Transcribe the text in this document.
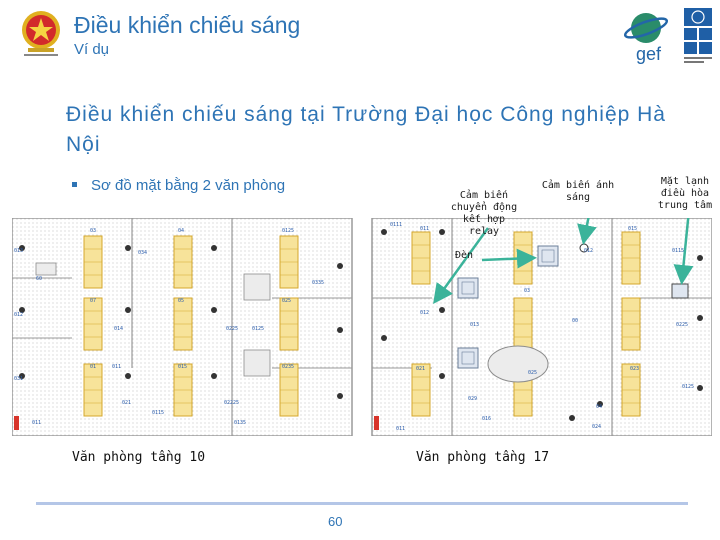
Điều khiển chiếu sáng
Ví dụ	gef
Điều khiển chiếu sáng tại Trường Đại học Công nghiệp Hà Nội
Sơ đồ mặt bằng 2 văn phòng
03	04	0125
013	034
60
0335
07	05	025
012
014	0225	0125
01	011	015	0235
031
021	02225
0115
011	0135
0111
011
012
015
0115
012
03
013
00
0225
021	023
025
029
0125
016
04
024
011
Cảm biến chuyển động kết hợp relay
Cảm biến ánh sáng
Mặt lạnh điều hòa trung tâm
Đèn
Văn phòng tầng 10	Văn phòng tầng 17
60
